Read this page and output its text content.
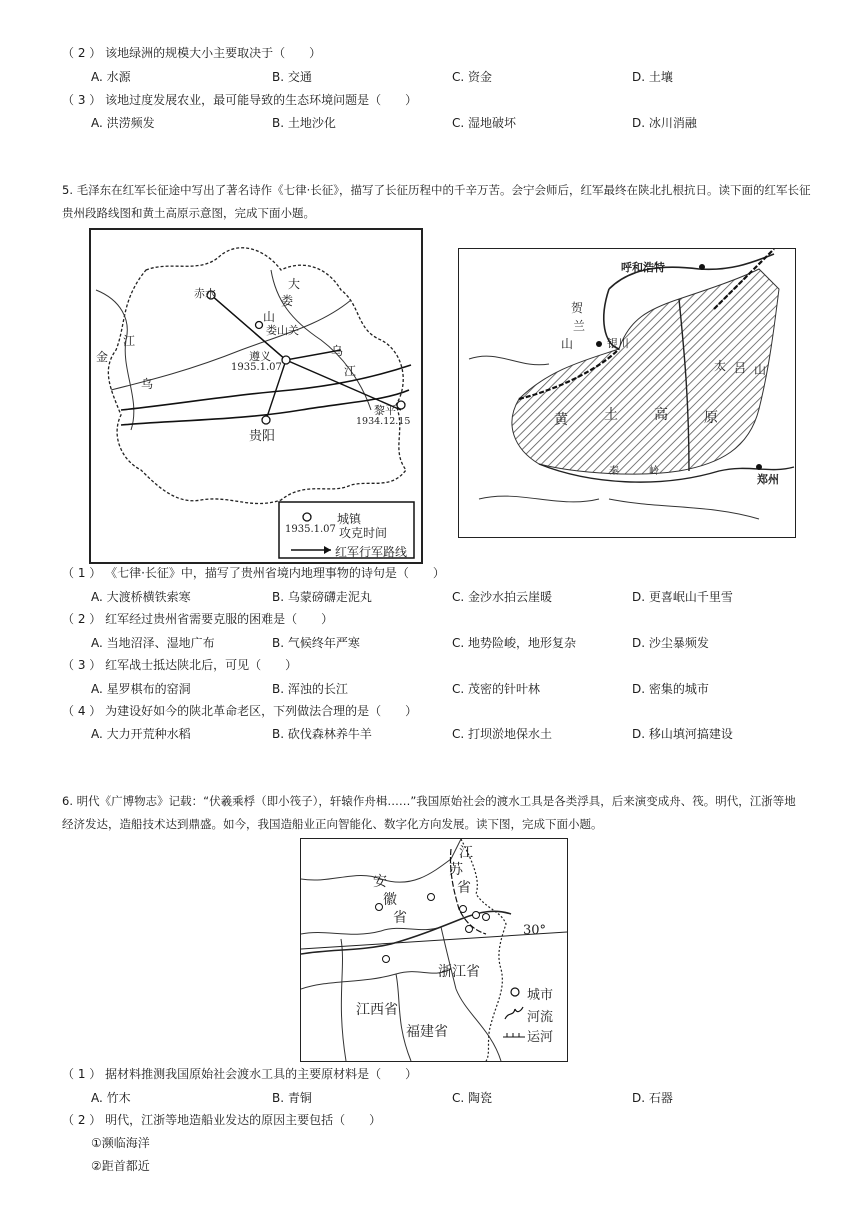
（ 2 ） 该地绿洲的规模大小主要取决于（　　）
A. 水源	B. 交通	C. 资金	D. 土壤
（ 3 ） 该地过度发展农业，最可能导致的生态环境问题是（　　）
A. 洪涝频发	B. 土地沙化	C. 湿地破坏	D. 冰川消融
5. 毛泽东在红军长征途中写出了著名诗作《七律·长征》，描写了长征历程中的千辛万苦。会宁会师后，红军最终在陕北扎根抗日。读下面的红军长征
贵州段路线图和黄土高原示意图，完成下面小题。
赤水
娄山关
遵义
1935.1.07
乌
江
贵阳
黎平
1934.12.15
大
娄
山
金
乌
江
城镇
1935.1.07 攻克时间
红军行军路线
呼和浩特
银川
贺
兰
山
太 吕 山
黄	土	高	原
郑州
秦	岭
（ 1 ） 《七律·长征》中，描写了贵州省境内地理事物的诗句是（　　）
A. 大渡桥横铁索寒	B. 乌蒙磅礴走泥丸	C. 金沙水拍云崖暖	D. 更喜岷山千里雪
（ 2 ） 红军经过贵州省需要克服的困难是（　　）
A. 当地沼泽、湿地广布	B. 气候终年严寒	C. 地势险峻，地形复杂	D. 沙尘暴频发
（ 3 ） 红军战士抵达陕北后，可见（　　）
A. 星罗棋布的窑洞	B. 浑浊的长江	C. 茂密的针叶林	D. 密集的城市
（ 4 ） 为建设好如今的陕北革命老区，下列做法合理的是（　　）
A. 大力开荒种水稻	B. 砍伐森林养牛羊	C. 打坝淤地保水土	D. 移山填河搞建设
6. 明代《广博物志》记载：“伏羲乘桴（即小筏子），轩辕作舟楫……”我国原始社会的渡水工具是各类浮具，后来演变成舟、筏。明代，江浙等地
经济发达，造船技术达到鼎盛。如今，我国造船业正向智能化、数字化方向发展。读下图，完成下面小题。
江
苏
省
安
徽
省
浙江省
江西省
福建省
30°
城市
河流
运河
（ 1 ） 据材料推测我国原始社会渡水工具的主要原材料是（　　）
A. 竹木	B. 青铜	C. 陶瓷	D. 石器
（ 2 ） 明代，江浙等地造船业发达的原因主要包括（　　）
①濒临海洋
②距首都近
